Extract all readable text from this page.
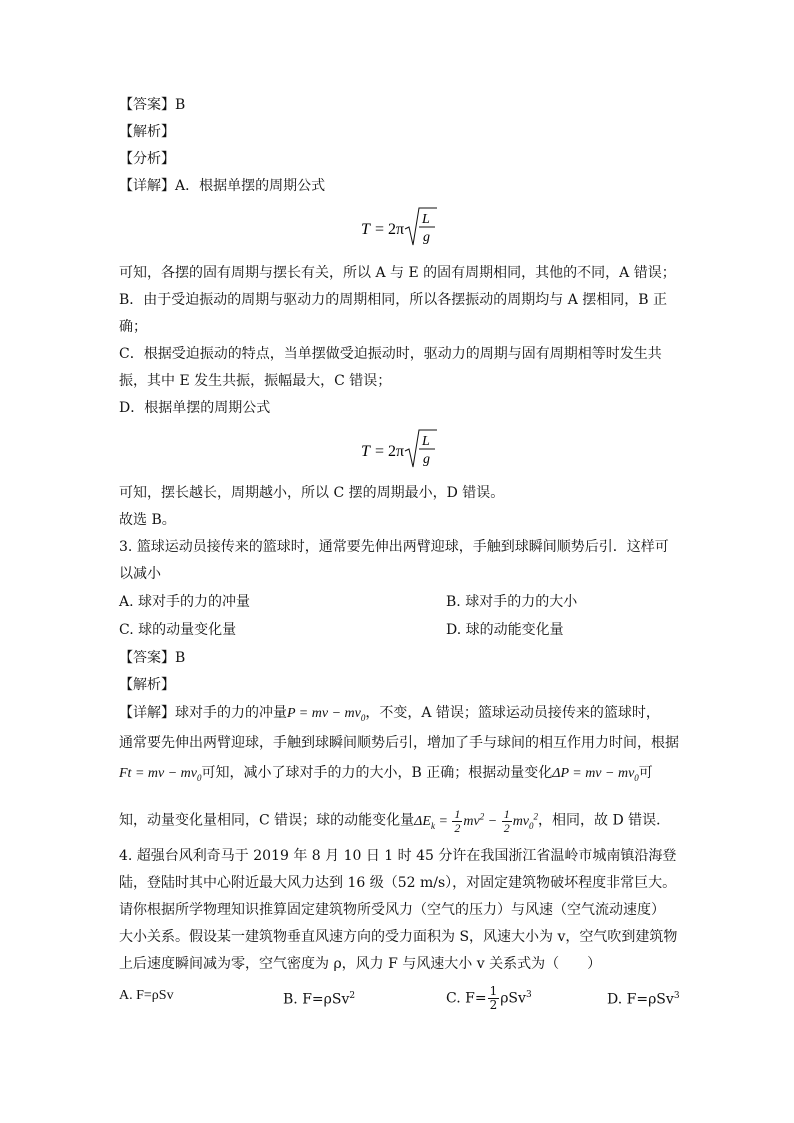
【答案】B
【解析】
【分析】
【详解】A．根据单摆的周期公式
T = 2π
L
g
可知，各摆的固有周期与摆长有关，所以 A 与 E 的固有周期相同，其他的不同，A 错误；
B．由于受迫振动的周期与驱动力的周期相同，所以各摆振动的周期均与 A 摆相同，B 正
确；
C．根据受迫振动的特点，当单摆做受迫振动时，驱动力的周期与固有周期相等时发生共
振，其中 E 发生共振，振幅最大，C 错误；
D．根据单摆的周期公式
T = 2π
L
g
可知，摆长越长，周期越小，所以 C 摆的周期最小，D 错误。
故选 B。
3. 篮球运动员接传来的篮球时，通常要先伸出两臂迎球，手触到球瞬间顺势后引．这样可
以减小
A. 球对手的力的冲量	B. 球对手的力的大小
C. 球的动量变化量	D. 球的动能变化量
【答案】B
【解析】
【详解】球对手的力的冲量P = mv − $mv_0$，不变，A 错误；篮球运动员接传来的篮球时，
通常要先伸出两臂迎球，手触到球瞬间顺势后引，增加了手与球间的相互作用力时间，根据
Ft = mv − $mv_0$可知，减小了球对手的力的大小，B 正确；根据动量变化ΔP = mv − $mv_0$可
知，动量变化量相同，C 错误；球的动能变化量$\Delta E_k = \frac{1}{2} mv^2 - \frac{1}{2} mv_0^2$，相同，故 D 错误．
4. 超强台风利奇马于 2019 年 8 月 10 日 1 时 45 分许在我国浙江省温岭市城南镇沿海登
陆，登陆时其中心附近最大风力达到 16 级（52 m/s），对固定建筑物破坏程度非常巨大。
请你根据所学物理知识推算固定建筑物所受风力（空气的压力）与风速（空气流动速度）
大小关系。假设某一建筑物垂直风速方向的受力面积为 S，风速大小为 v，空气吹到建筑物
上后速度瞬间减为零，空气密度为 ρ，风力 F 与风速大小 v 关系式为（　　）
A. F=ρSv	B. F=ρSv$^2$	C. $F= \frac{1}{2} \rho Sv^3$	D. F=ρSv$^3$
